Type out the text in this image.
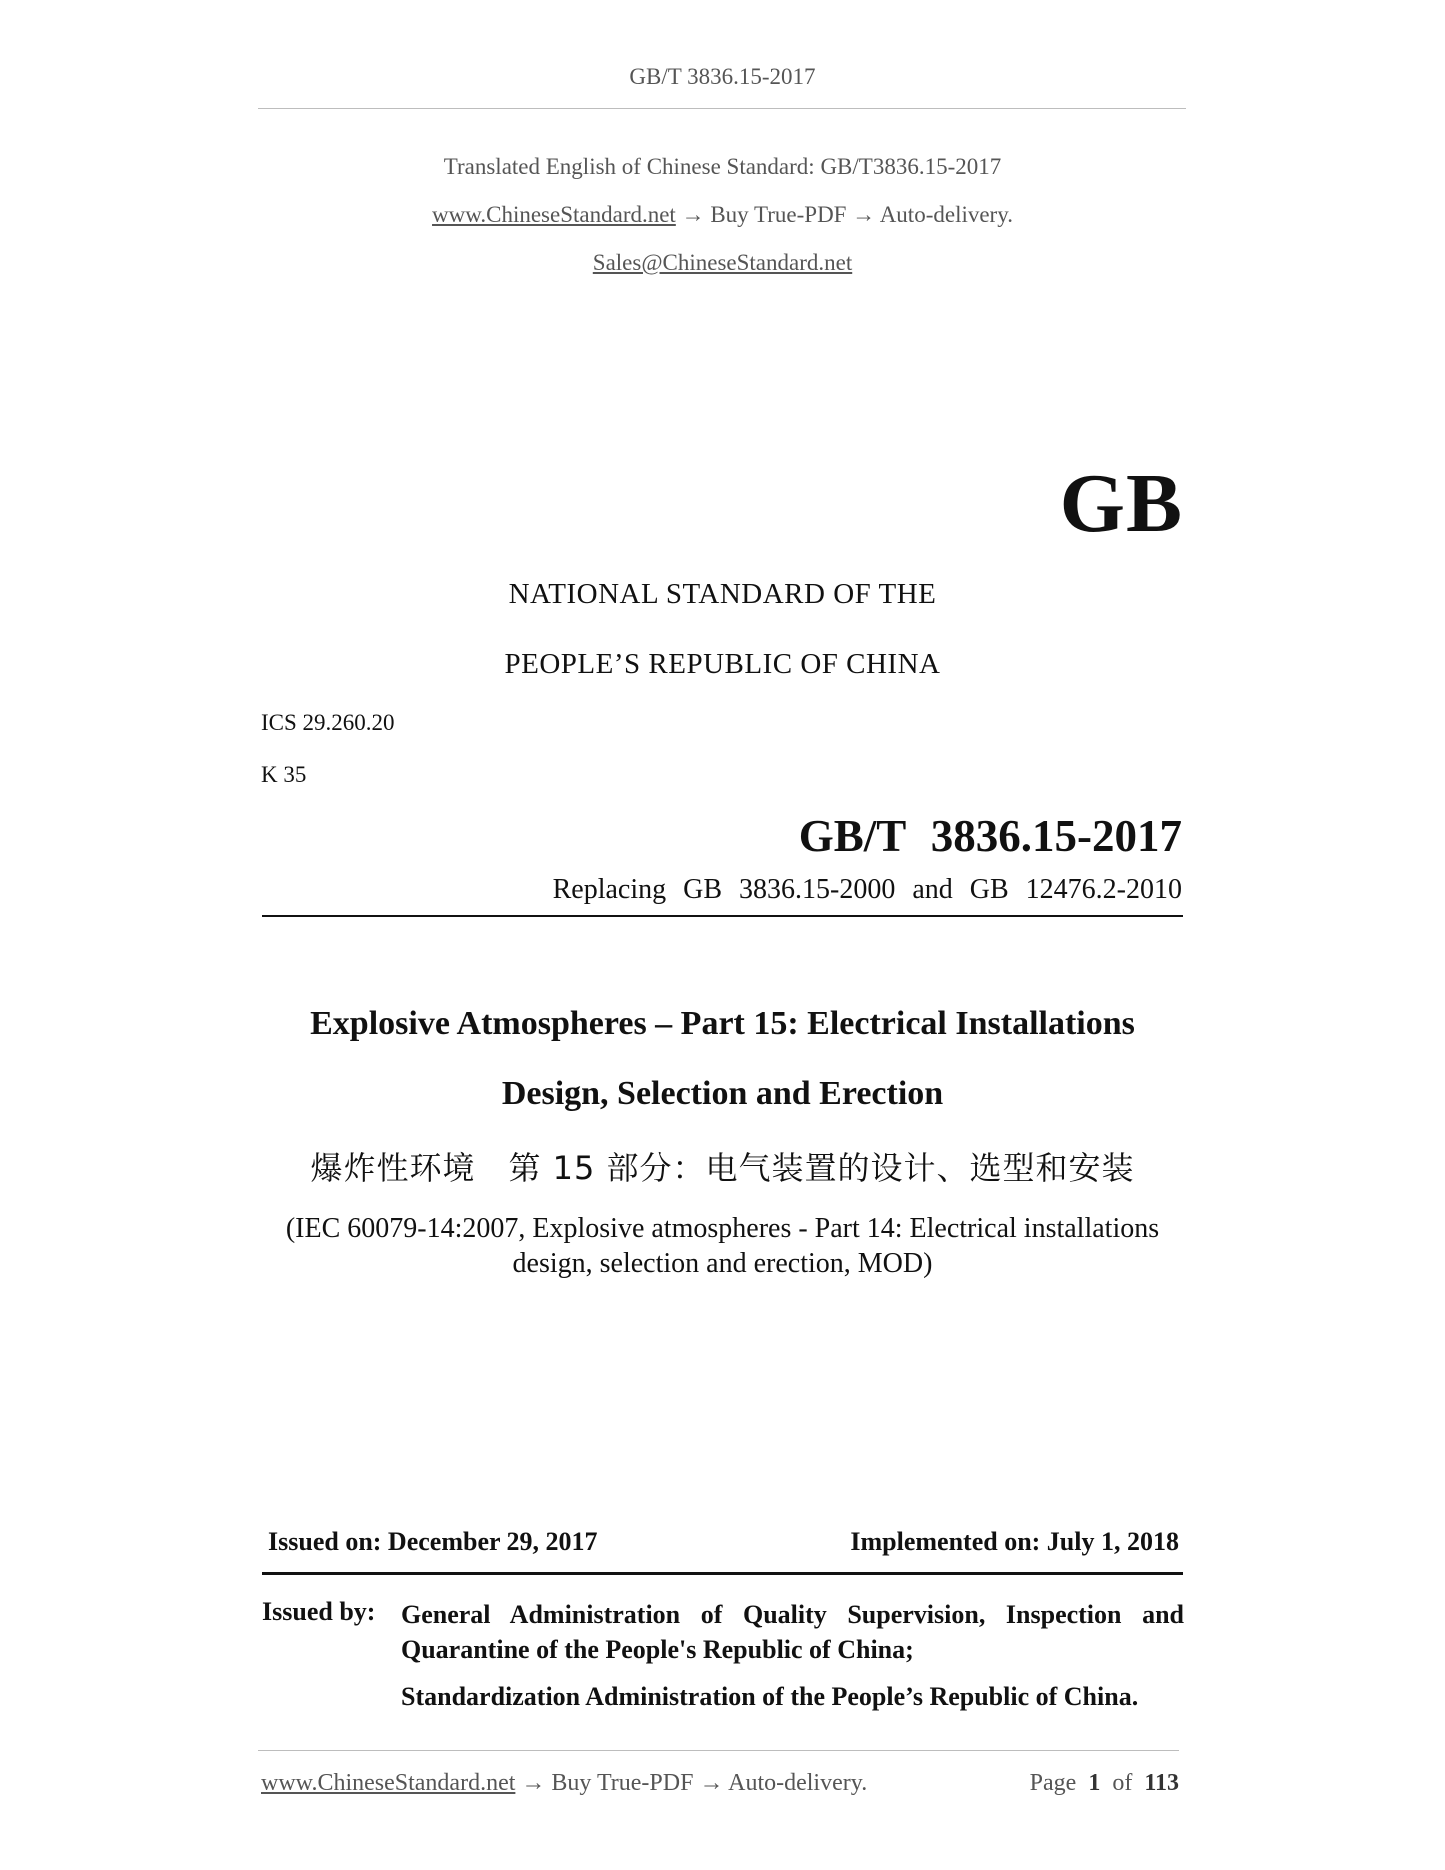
GB/T 3836.15-2017
Translated English of Chinese Standard: GB/T3836.15-2017
www.ChineseStandard.net → Buy True-PDF → Auto-delivery.
Sales@ChineseStandard.net
GB
NATIONAL STANDARD OF THE
PEOPLE’S REPUBLIC OF CHINA
ICS 29.260.20
K 35
GB/T 3836.15-2017
Replacing GB 3836.15-2000 and GB 12476.2-2010
Explosive Atmospheres – Part 15: Electrical Installations
Design, Selection and Erection
爆炸性环境　第 15 部分：电气装置的设计、选型和安装
(IEC 60079-14:2007, Explosive atmospheres - Part 14: Electrical installations
design, selection and erection, MOD)
Issued on: December 29, 2017	Implemented on: July 1, 2018
Issued by: General Administration of Quality Supervision, Inspection and Quarantine of the People's Republic of China;
Standardization Administration of the People’s Republic of China.
www.ChineseStandard.net → Buy True-PDF → Auto-delivery.	Page 1 of 113
